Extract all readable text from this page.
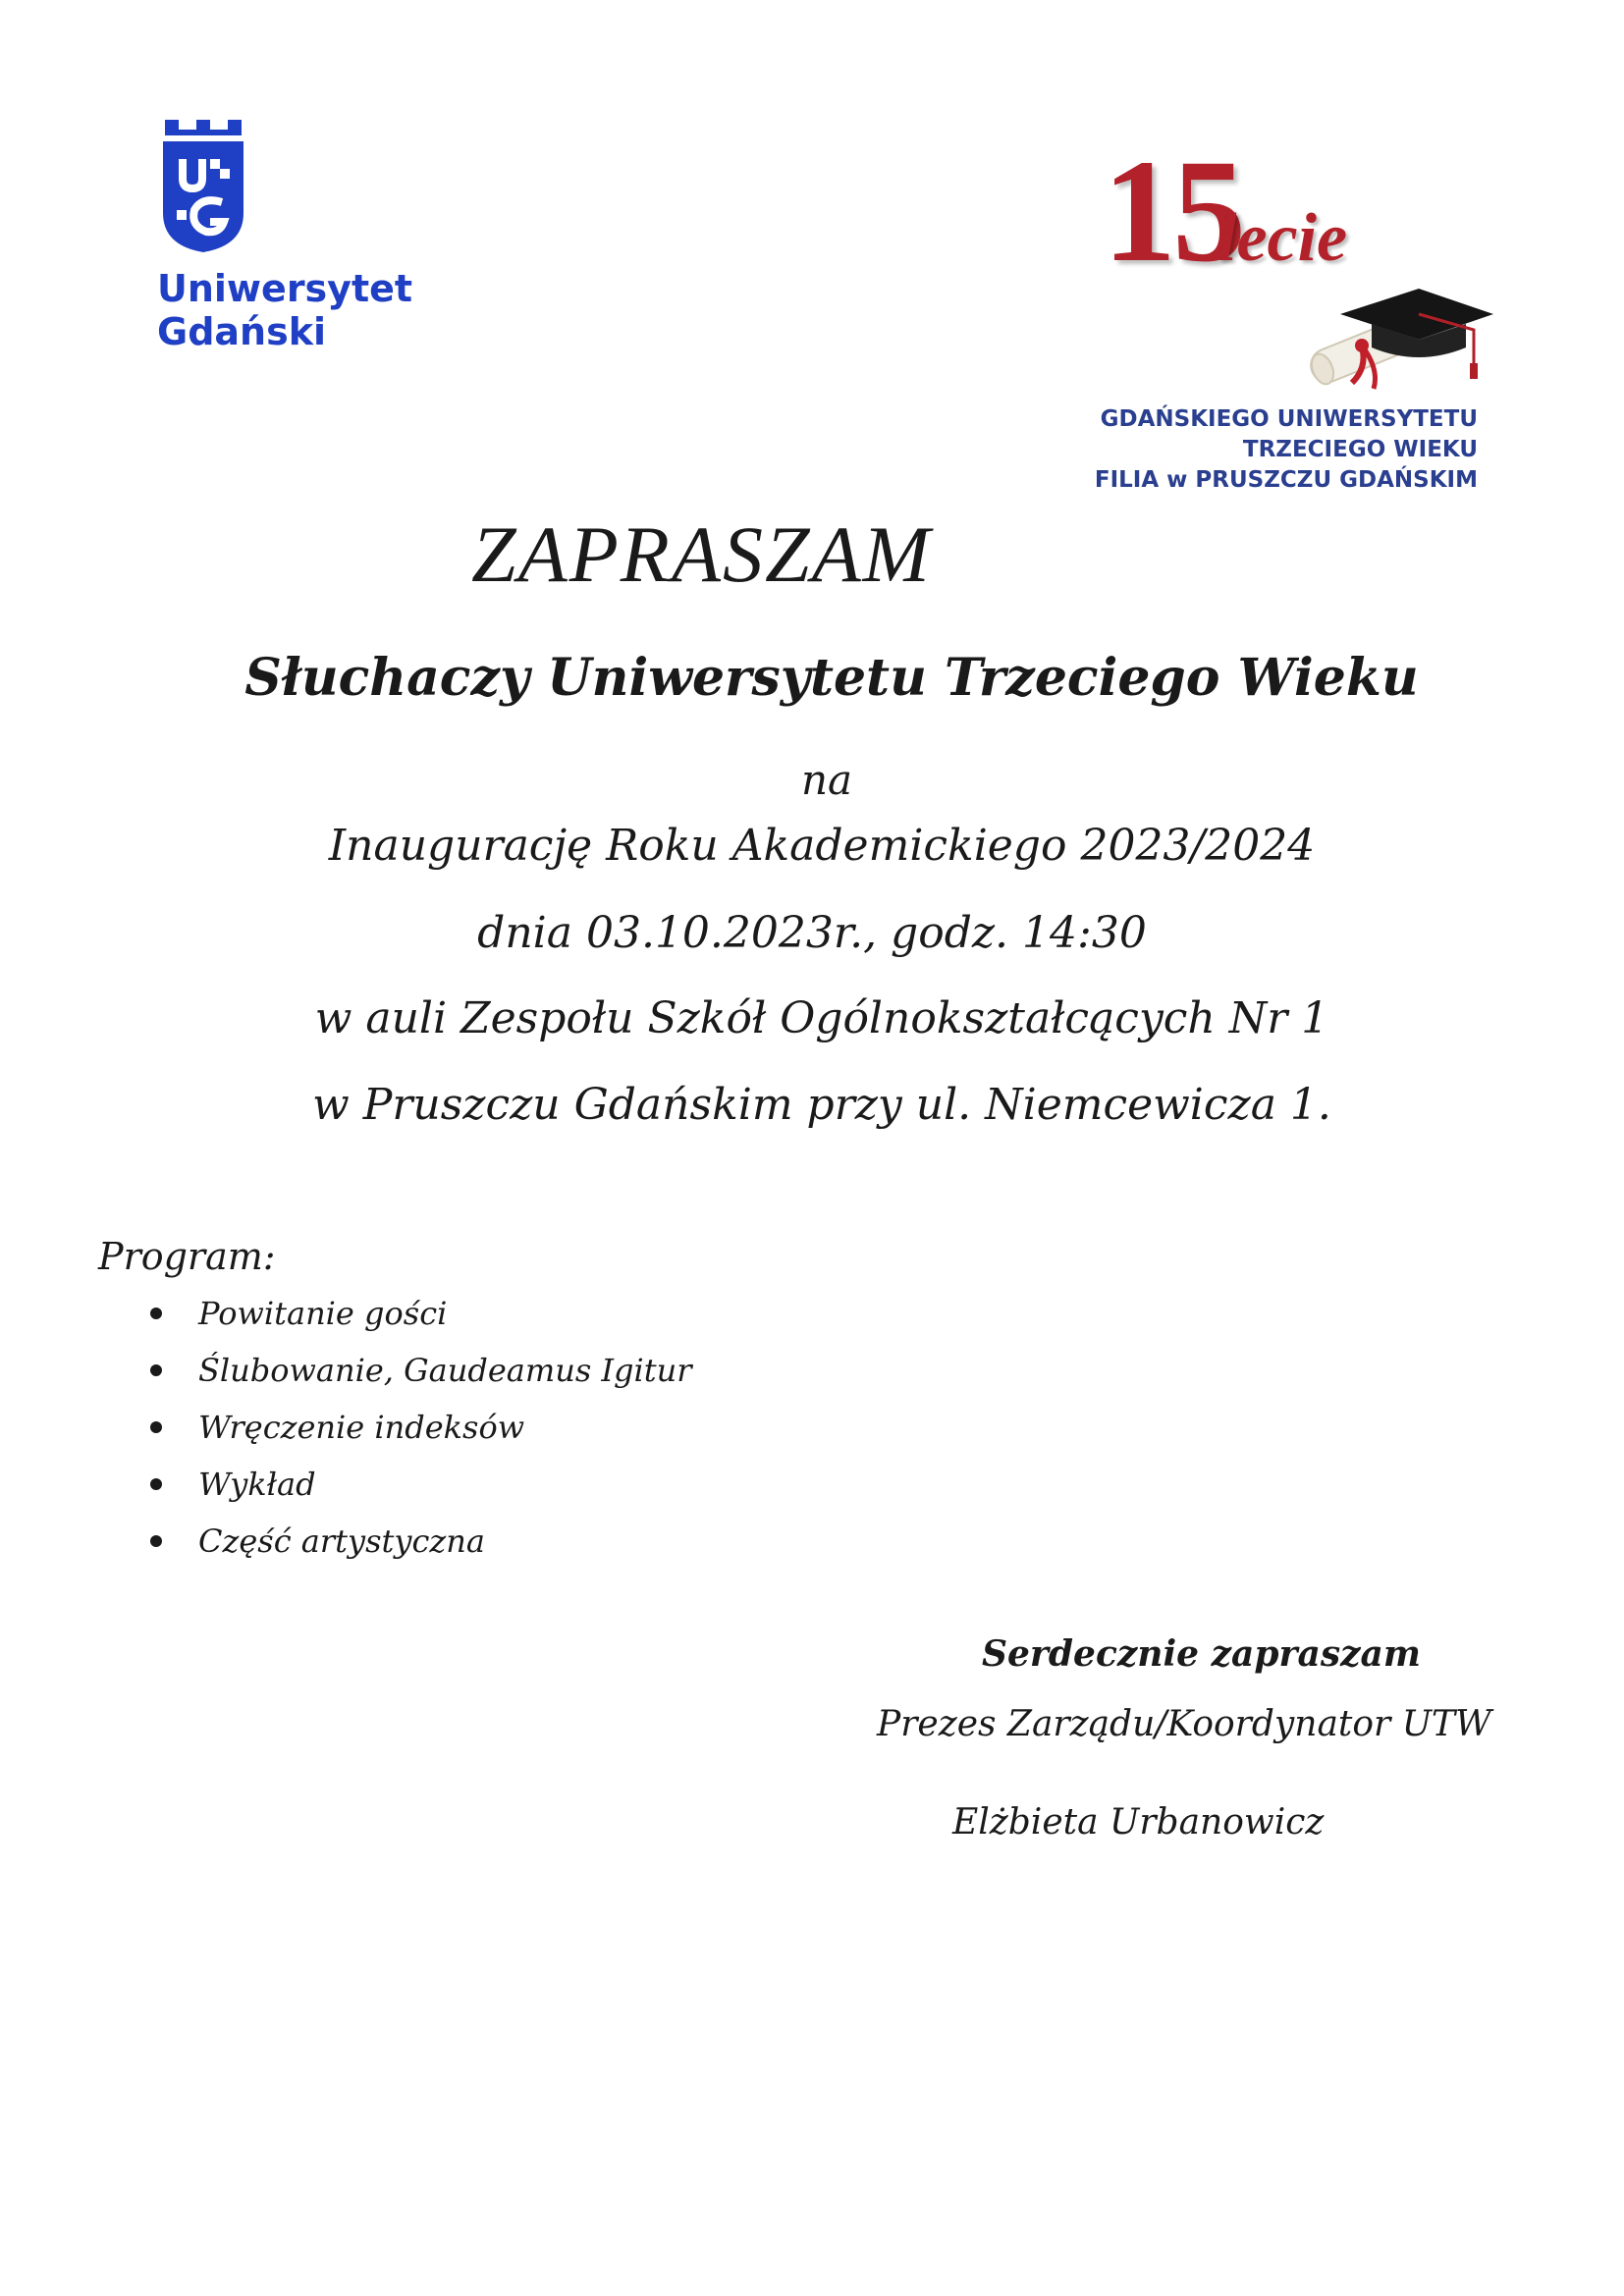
Uniwersytet
Gdański
15
lecie
GDAŃSKIEGO UNIWERSYTETU
TRZECIEGO WIEKU
FILIA w PRUSZCZU GDAŃSKIM
ZAPRASZAM
Słuchaczy Uniwersytetu Trzeciego Wieku
na
Inaugurację Roku Akademickiego 2023/2024
dnia 03.10.2023r., godz. 14:30
w auli Zespołu Szkół Ogólnokształcących Nr 1
w Pruszczu Gdańskim przy ul. Niemcewicza 1.
Program:
Powitanie gości
Ślubowanie, Gaudeamus Igitur
Wręczenie indeksów
Wykład
Część artystyczna
Serdecznie zapraszam
Prezes Zarządu/Koordynator UTW
Elżbieta Urbanowicz
